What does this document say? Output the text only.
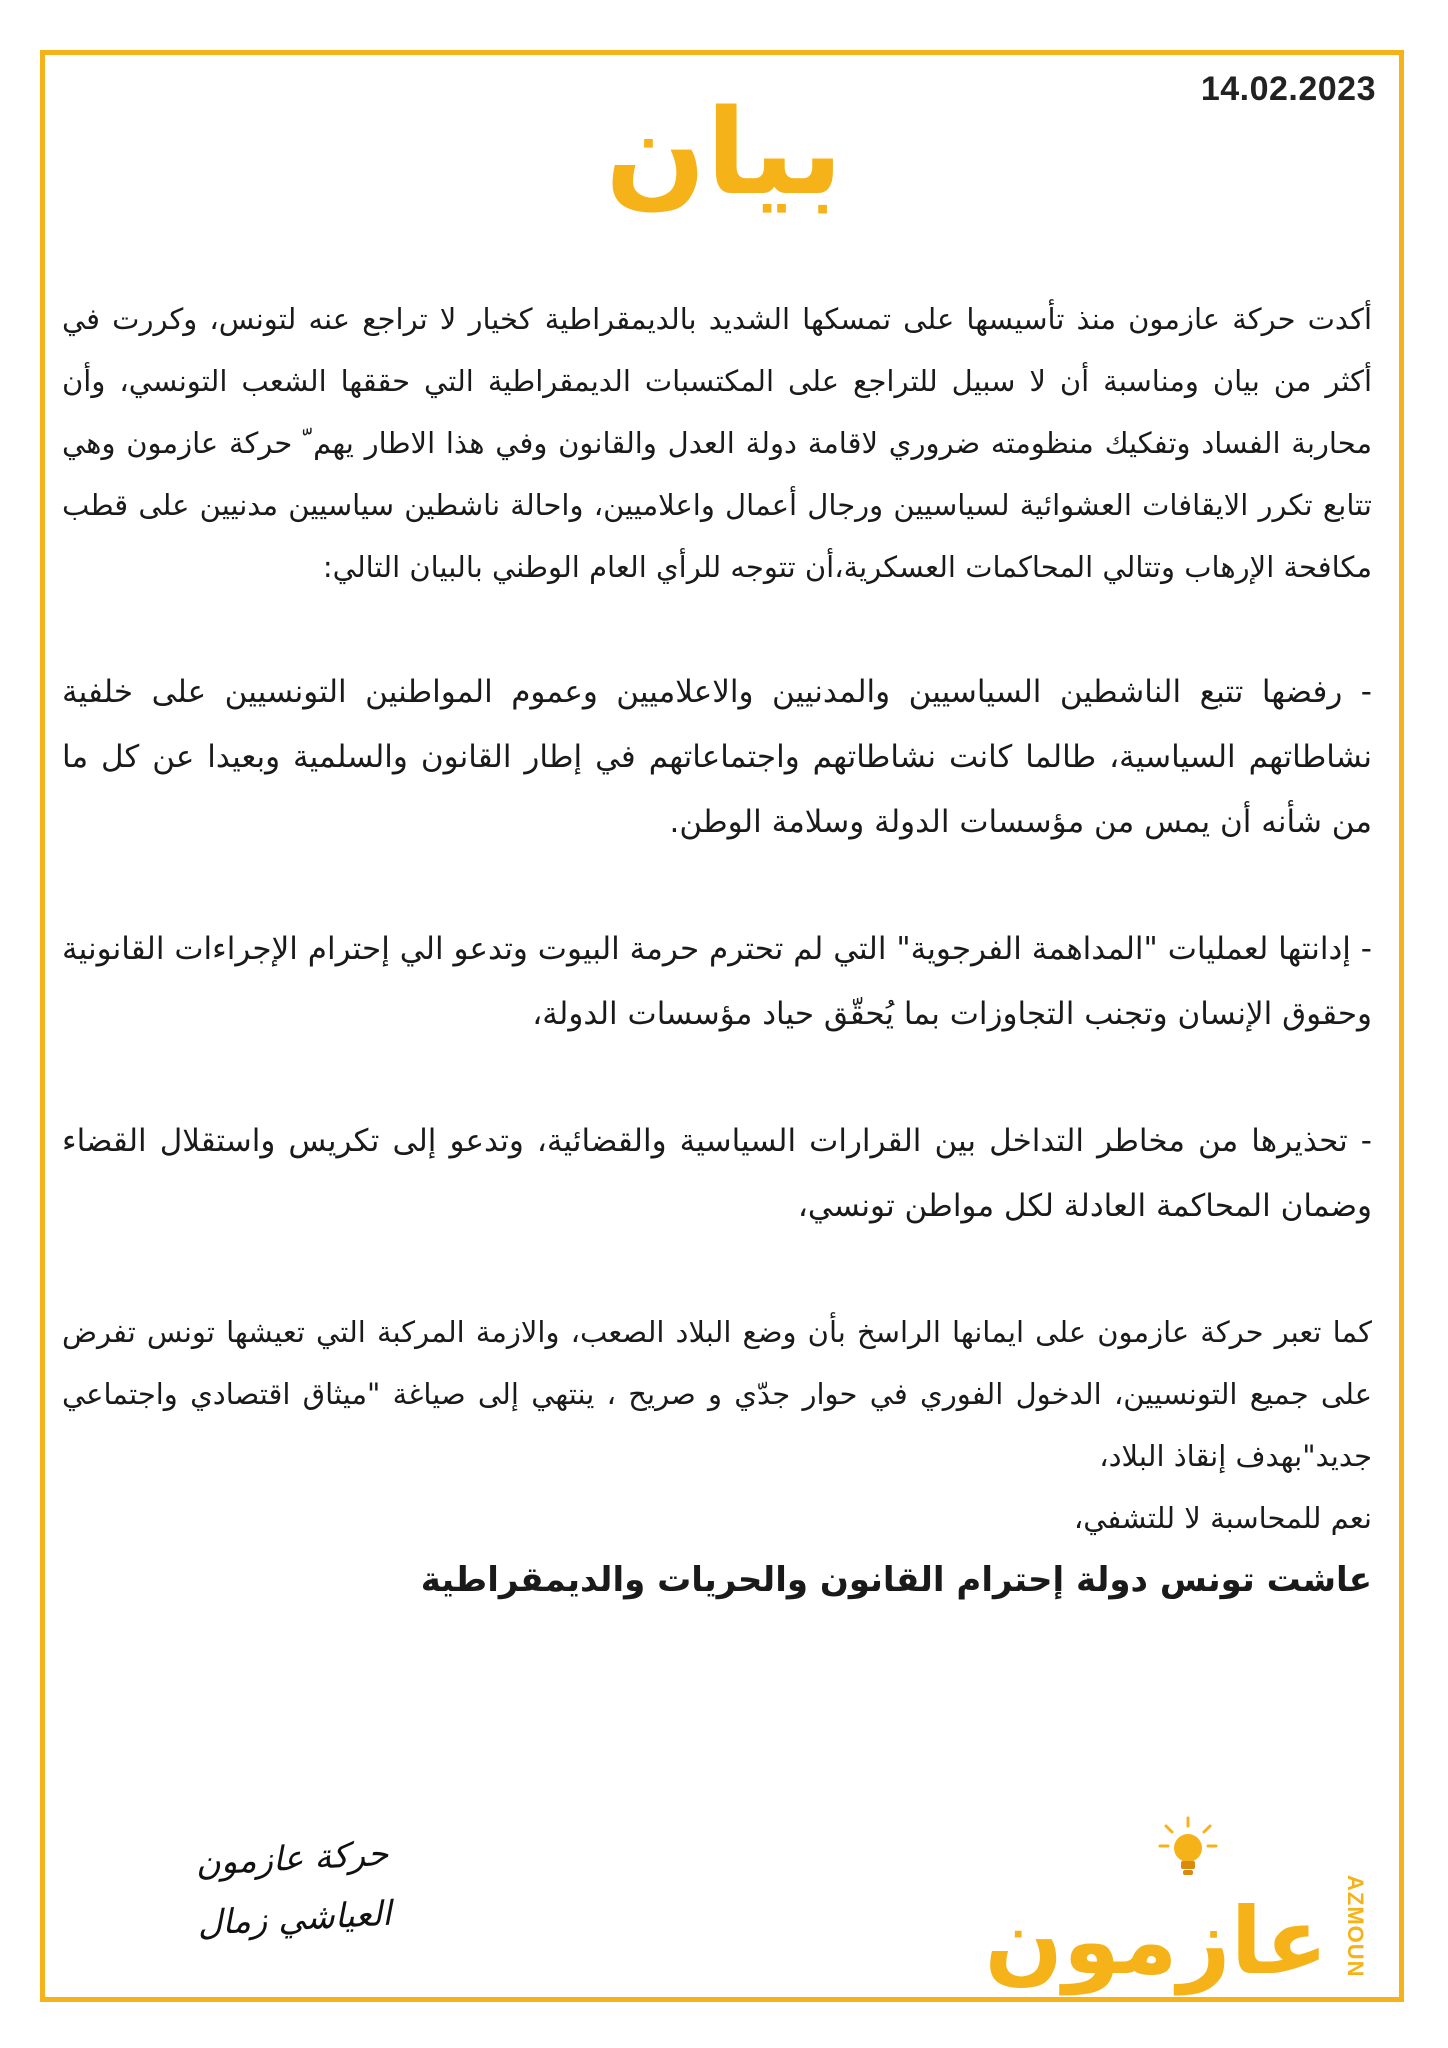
14.02.2023
بيان

أكدت حركة عازمون منذ تأسيسها على تمسكها الشديد بالديمقراطية كخيار لا تراجع عنه لتونس، وكررت في أكثر من بيان ومناسبة أن لا سبيل للتراجع على المكتسبات الديمقراطية التي حققها الشعب التونسي، وأن محاربة الفساد وتفكيك منظومته ضروري لاقامة دولة العدل والقانون وفي هذا الاطار يهم ّ حركة عازمون وهي تتابع تكرر الايقافات العشوائية لسياسيين ورجال أعمال واعلاميين، واحالة ناشطين سياسيين مدنيين على قطب مكافحة الإرهاب وتتالي المحاكمات العسكرية،أن تتوجه للرأي العام الوطني بالبيان التالي:

- رفضها تتبع الناشطين السياسيين والمدنيين والاعلاميين وعموم المواطنين التونسيين على خلفية نشاطاتهم السياسية، طالما كانت نشاطاتهم واجتماعاتهم في إطار القانون والسلمية وبعيدا عن كل ما من شأنه أن يمس من مؤسسات الدولة وسلامة الوطن.

- إدانتها لعمليات "المداهمة الفرجوية" التي لم تحترم حرمة البيوت وتدعو الي إحترام الإجراءات القانونية وحقوق الإنسان وتجنب التجاوزات بما يُحقّق حياد مؤسسات الدولة،

- تحذيرها من مخاطر التداخل بين القرارات السياسية والقضائية، وتدعو إلى تكريس واستقلال القضاء وضمان المحاكمة العادلة لكل مواطن تونسي،

كما تعبر حركة عازمون على ايمانها الراسخ بأن وضع البلاد الصعب، والازمة المركبة التي تعيشها تونس تفرض على جميع التونسيين، الدخول الفوري في حوار جدّي و صريح ، ينتهي إلى صياغة "ميثاق اقتصادي واجتماعي جديد"بهدف إنقاذ البلاد،

نعم للمحاسبة لا للتشفي،

عاشت تونس دولة إحترام القانون والحريات والديمقراطية

حركة عازمون
العياشي زمال	عازمون AZMOUN
